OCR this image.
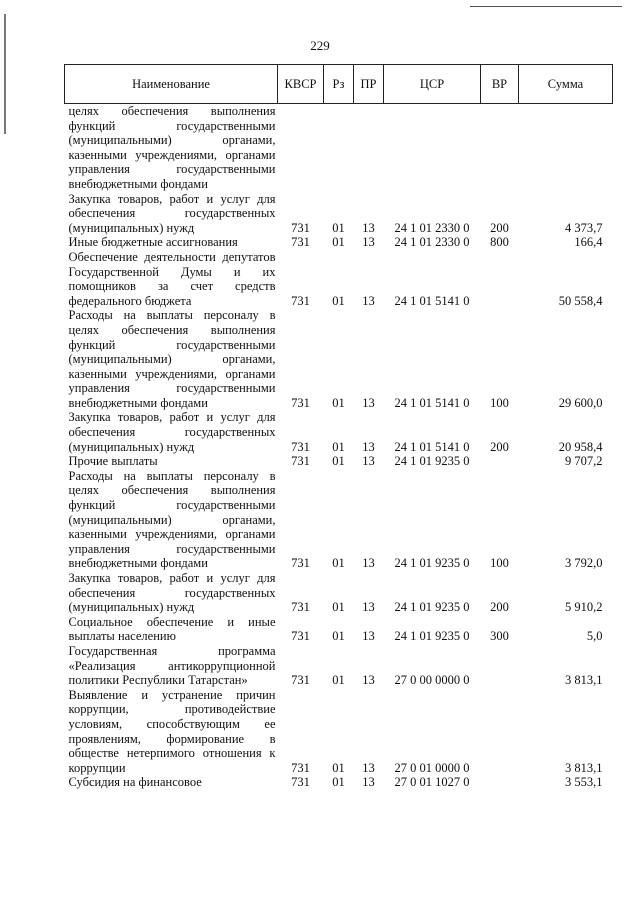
229
Наименование	КВСР	Рз	ПР	ЦСР	ВР	Сумма
целях обеспечения выполнения функций государственными (муниципальными) органами, казенными учреждениями, органами управления государственными внебюджетными фондами						
Закупка товаров, работ и услуг для обеспечения государственных (муниципальных) нужд	731	01	13	24 1 01 2330 0	200	4 373,7
Иные бюджетные ассигнования	731	01	13	24 1 01 2330 0	800	166,4
Обеспечение деятельности депутатов Государственной Думы и их помощников за счет средств федерального бюджета	731	01	13	24 1 01 5141 0		50 558,4
Расходы на выплаты персоналу в целях обеспечения выполнения функций государственными (муниципальными) органами, казенными учреждениями, органами управления государственными внебюджетными фондами	731	01	13	24 1 01 5141 0	100	29 600,0
Закупка товаров, работ и услуг для обеспечения государственных (муниципальных) нужд	731	01	13	24 1 01 5141 0	200	20 958,4
Прочие выплаты	731	01	13	24 1 01 9235 0		9 707,2
Расходы на выплаты персоналу в целях обеспечения выполнения функций государственными (муниципальными) органами, казенными учреждениями, органами управления государственными внебюджетными фондами	731	01	13	24 1 01 9235 0	100	3 792,0
Закупка товаров, работ и услуг для обеспечения государственных (муниципальных) нужд	731	01	13	24 1 01 9235 0	200	5 910,2
Социальное обеспечение и иные выплаты населению	731	01	13	24 1 01 9235 0	300	5,0
Государственная программа «Реализация антикоррупционной политики Республики Татарстан»	731	01	13	27 0 00 0000 0		3 813,1
Выявление и устранение причин коррупции, противодействие условиям, способствующим ее проявлениям, формирование в обществе нетерпимого отношения к коррупции	731	01	13	27 0 01 0000 0		3 813,1
Субсидия на финансовое	731	01	13	27 0 01 1027 0		3 553,1
